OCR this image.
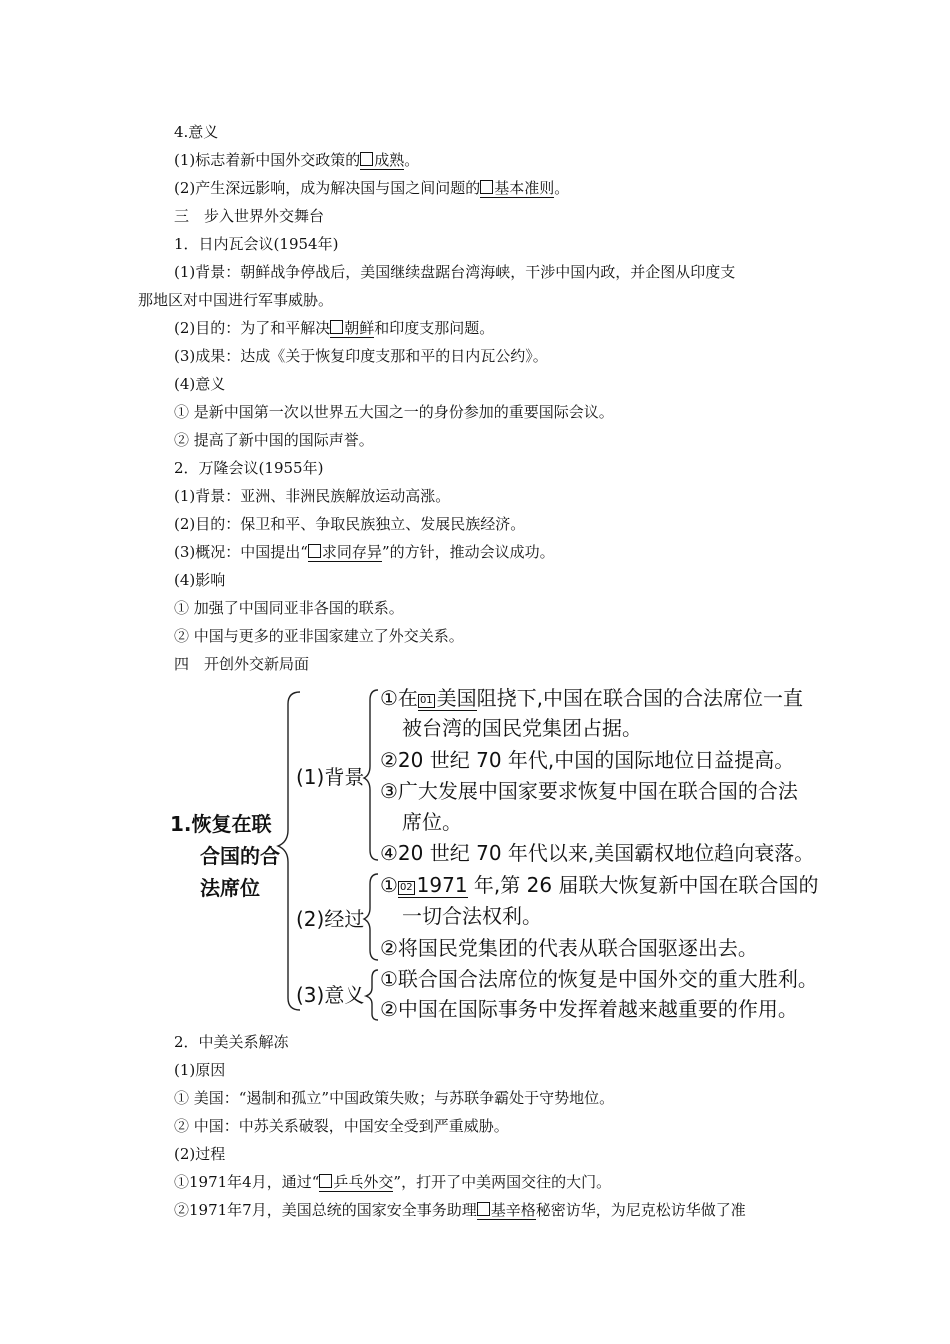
4.意义
(1)标志着新中国外交政策的 成熟。
(2)产生深远影响，成为解决国与国之间问题的 基本准则。
三　步入世界外交舞台
1．日内瓦会议(1954年)
(1)背景：朝鲜战争停战后，美国继续盘踞台湾海峡，干涉中国内政，并企图从印度支
那地区对中国进行军事威胁。
(2)目的：为了和平解决 朝鲜和印度支那问题。
(3)成果：达成《关于恢复印度支那和平的日内瓦公约》。
(4)意义
① 是新中国第一次以世界五大国之一的身份参加的重要国际会议。
② 提高了新中国的国际声誉。
2．万隆会议(1955年)
(1)背景：亚洲、非洲民族解放运动高涨。
(2)目的：保卫和平、争取民族独立、发展民族经济。
(3)概况：中国提出“ 求同存异”的方针，推动会议成功。
(4)影响
① 加强了中国同亚非各国的联系。
② 中国与更多的亚非国家建立了外交关系。
四　开创外交新局面
1.恢复在联
合国的合
法席位
(1)背景
(2)经过
(3)意义
①在 01 美国阻挠下,中国在联合国的合法席位一直
被台湾的国民党集团占据。
②20 世纪 70 年代,中国的国际地位日益提高。
③广大发展中国家要求恢复中国在联合国的合法
席位。
④20 世纪 70 年代以来,美国霸权地位趋向衰落。
① 02 1971 年,第 26 届联大恢复新中国在联合国的
一切合法权利。
②将国民党集团的代表从联合国驱逐出去。
①联合国合法席位的恢复是中国外交的重大胜利。
②中国在国际事务中发挥着越来越重要的作用。
2．中美关系解冻
(1)原因
① 美国：“遏制和孤立”中国政策失败；与苏联争霸处于守势地位。
② 中国：中苏关系破裂，中国安全受到严重威胁。
(2)过程
①1971年4月，通过“ 乒乓外交”，打开了中美两国交往的大门。
②1971年7月，美国总统的国家安全事务助理 基辛格秘密访华，为尼克松访华做了准
